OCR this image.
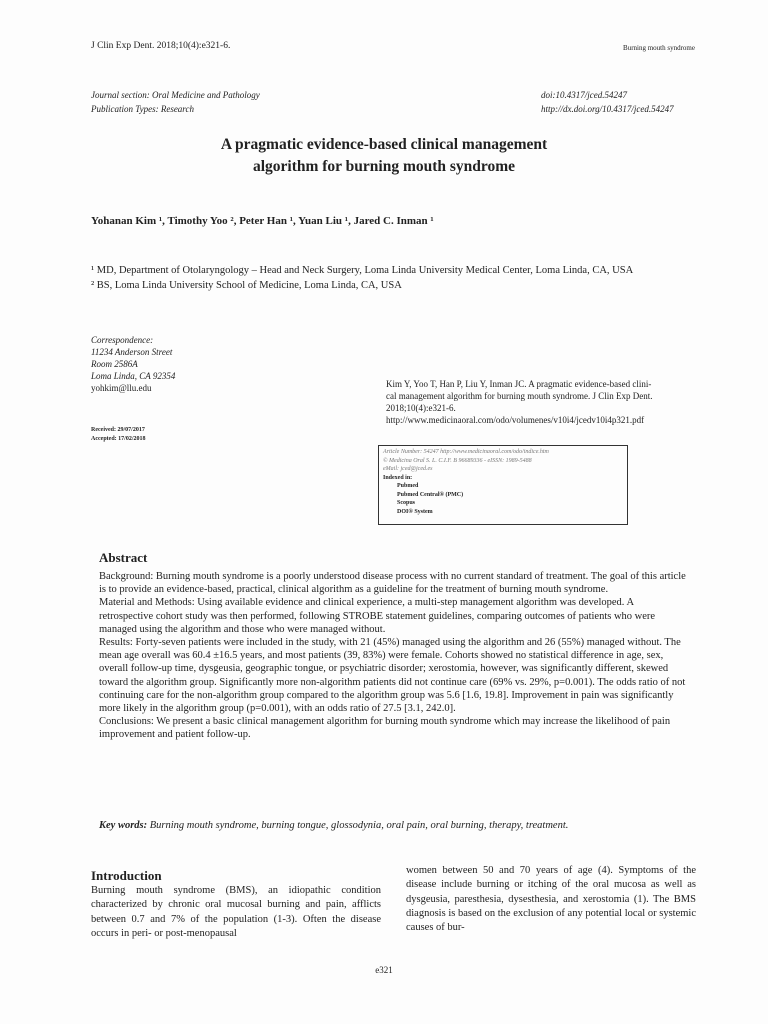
J Clin Exp Dent. 2018;10(4):e321-6.	Burning mouth syndrome
Journal section: Oral Medicine and Pathology
Publication Types: Research
doi:10.4317/jced.54247
http://dx.doi.org/10.4317/jced.54247
A pragmatic evidence-based clinical management
algorithm for burning mouth syndrome
Yohanan Kim ¹, Timothy Yoo ², Peter Han ¹, Yuan Liu ¹, Jared C. Inman ¹
¹ MD, Department of Otolaryngology – Head and Neck Surgery, Loma Linda University Medical Center, Loma Linda, CA, USA
² BS, Loma Linda University School of Medicine, Loma Linda, CA, USA
Correspondence:
11234 Anderson Street
Room 2586A
Loma Linda, CA 92354
yohkim@llu.edu
Received: 29/07/2017
Accepted: 17/02/2018
Kim Y, Yoo T, Han P, Liu Y, Inman JC. A pragmatic evidence-based clini-
cal management algorithm for burning mouth syndrome. J Clin Exp Dent.
2018;10(4):e321-6.
http://www.medicinaoral.com/odo/volumenes/v10i4/jcedv10i4p321.pdf
Article Number: 54247 http://www.medicinaoral.com/odo/indice.htm
© Medicina Oral S. L. C.I.F. B 96689336 - eISSN: 1989-5488
eMail: jced@jced.es
Indexed in:
Pubmed
Pubmed Central® (PMC)
Scopus
DOI® System
Abstract

Background: Burning mouth syndrome is a poorly understood disease process with no current standard of treatment. The goal of this article is to provide an evidence-based, practical, clinical algorithm as a guideline for the treatment of burning mouth syndrome.

Material and Methods: Using available evidence and clinical experience, a multi-step management algorithm was developed. A retrospective cohort study was then performed, following STROBE statement guidelines, comparing outcomes of patients who were managed using the algorithm and those who were managed without.

Results: Forty-seven patients were included in the study, with 21 (45%) managed using the algorithm and 26 (55%) managed without. The mean age overall was 60.4 ±16.5 years, and most patients (39, 83%) were female. Cohorts showed no statistical difference in age, sex, overall follow-up time, dysgeusia, geographic tongue, or psychiatric disorder; xerostomia, however, was significantly different, skewed toward the algorithm group. Significantly more non-algorithm patients did not continue care (69% vs. 29%, p=0.001). The odds ratio of not continuing care for the non-algorithm group compared to the algorithm group was 5.6 [1.6, 19.8]. Improvement in pain was significantly more likely in the algorithm group (p=0.001), with an odds ratio of 27.5 [3.1, 242.0].

Conclusions: We present a basic clinical management algorithm for burning mouth syndrome which may increase the likelihood of pain improvement and patient follow-up.

Key words: Burning mouth syndrome, burning tongue, glossodynia, oral pain, oral burning, therapy, treatment.
Introduction
Burning mouth syndrome (BMS), an idiopathic condition characterized by chronic oral mucosal burning and pain, afflicts between 0.7 and 7% of the population (1-3). Often the disease occurs in peri- or post-menopausal
women between 50 and 70 years of age (4). Symptoms of the disease include burning or itching of the oral mucosa as well as dysgeusia, paresthesia, dysesthesia, and xerostomia (1). The BMS diagnosis is based on the exclusion of any potential local or systemic causes of bur-
e321
